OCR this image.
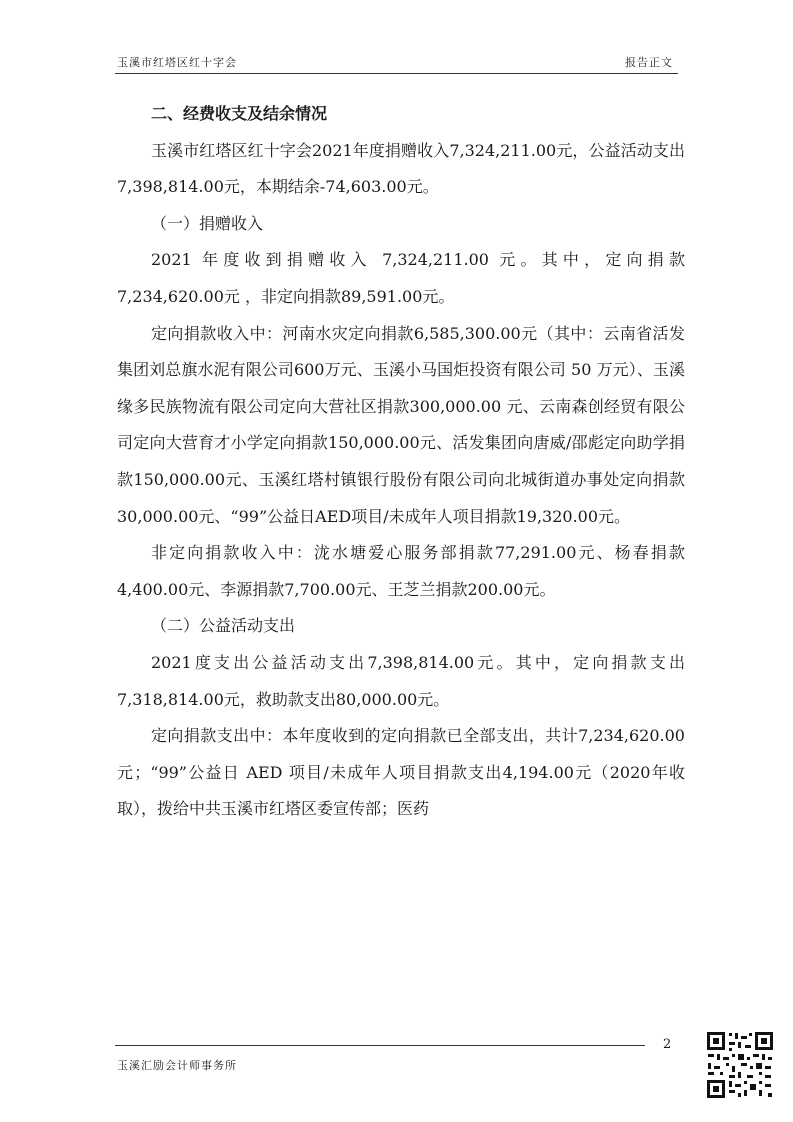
玉溪市红塔区红十字会	报告正文

二、经费收支及结余情况

玉溪市红塔区红十字会2021年度捐赠收入7,324,211.00元，公益活动支出7,398,814.00元，本期结余-74,603.00元。

（一）捐赠收入

2021 年度收到捐赠收入 7,324,211.00 元。其中，定向捐款7,234,620.00元 ，非定向捐款89,591.00元。

定向捐款收入中：河南水灾定向捐款6,585,300.00元（其中：云南省活发集团刘总旗水泥有限公司600万元、玉溪小马国炬投资有限公司 50 万元）、玉溪缘多民族物流有限公司定向大营社区捐款300,000.00 元、云南森创经贸有限公司定向大营育才小学定向捐款150,000.00元、活发集团向唐威/邵彪定向助学捐款150,000.00元、玉溪红塔村镇银行股份有限公司向北城街道办事处定向捐款30,000.00元、“99”公益日AED项目/未成年人项目捐款19,320.00元。

非定向捐款收入中：泷水塘爱心服务部捐款77,291.00元、杨春捐款4,400.00元、李源捐款7,700.00元、王芝兰捐款200.00元。

（二）公益活动支出

2021度支出公益活动支出7,398,814.00元。其中，定向捐款支出7,318,814.00元，救助款支出80,000.00元。

定向捐款支出中：本年度收到的定向捐款已全部支出，共计7,234,620.00 元；“99”公益日 AED 项目/未成年人项目捐款支出4,194.00元（2020年收取），拨给中共玉溪市红塔区委宣传部；医药

2
玉溪汇励会计师事务所
